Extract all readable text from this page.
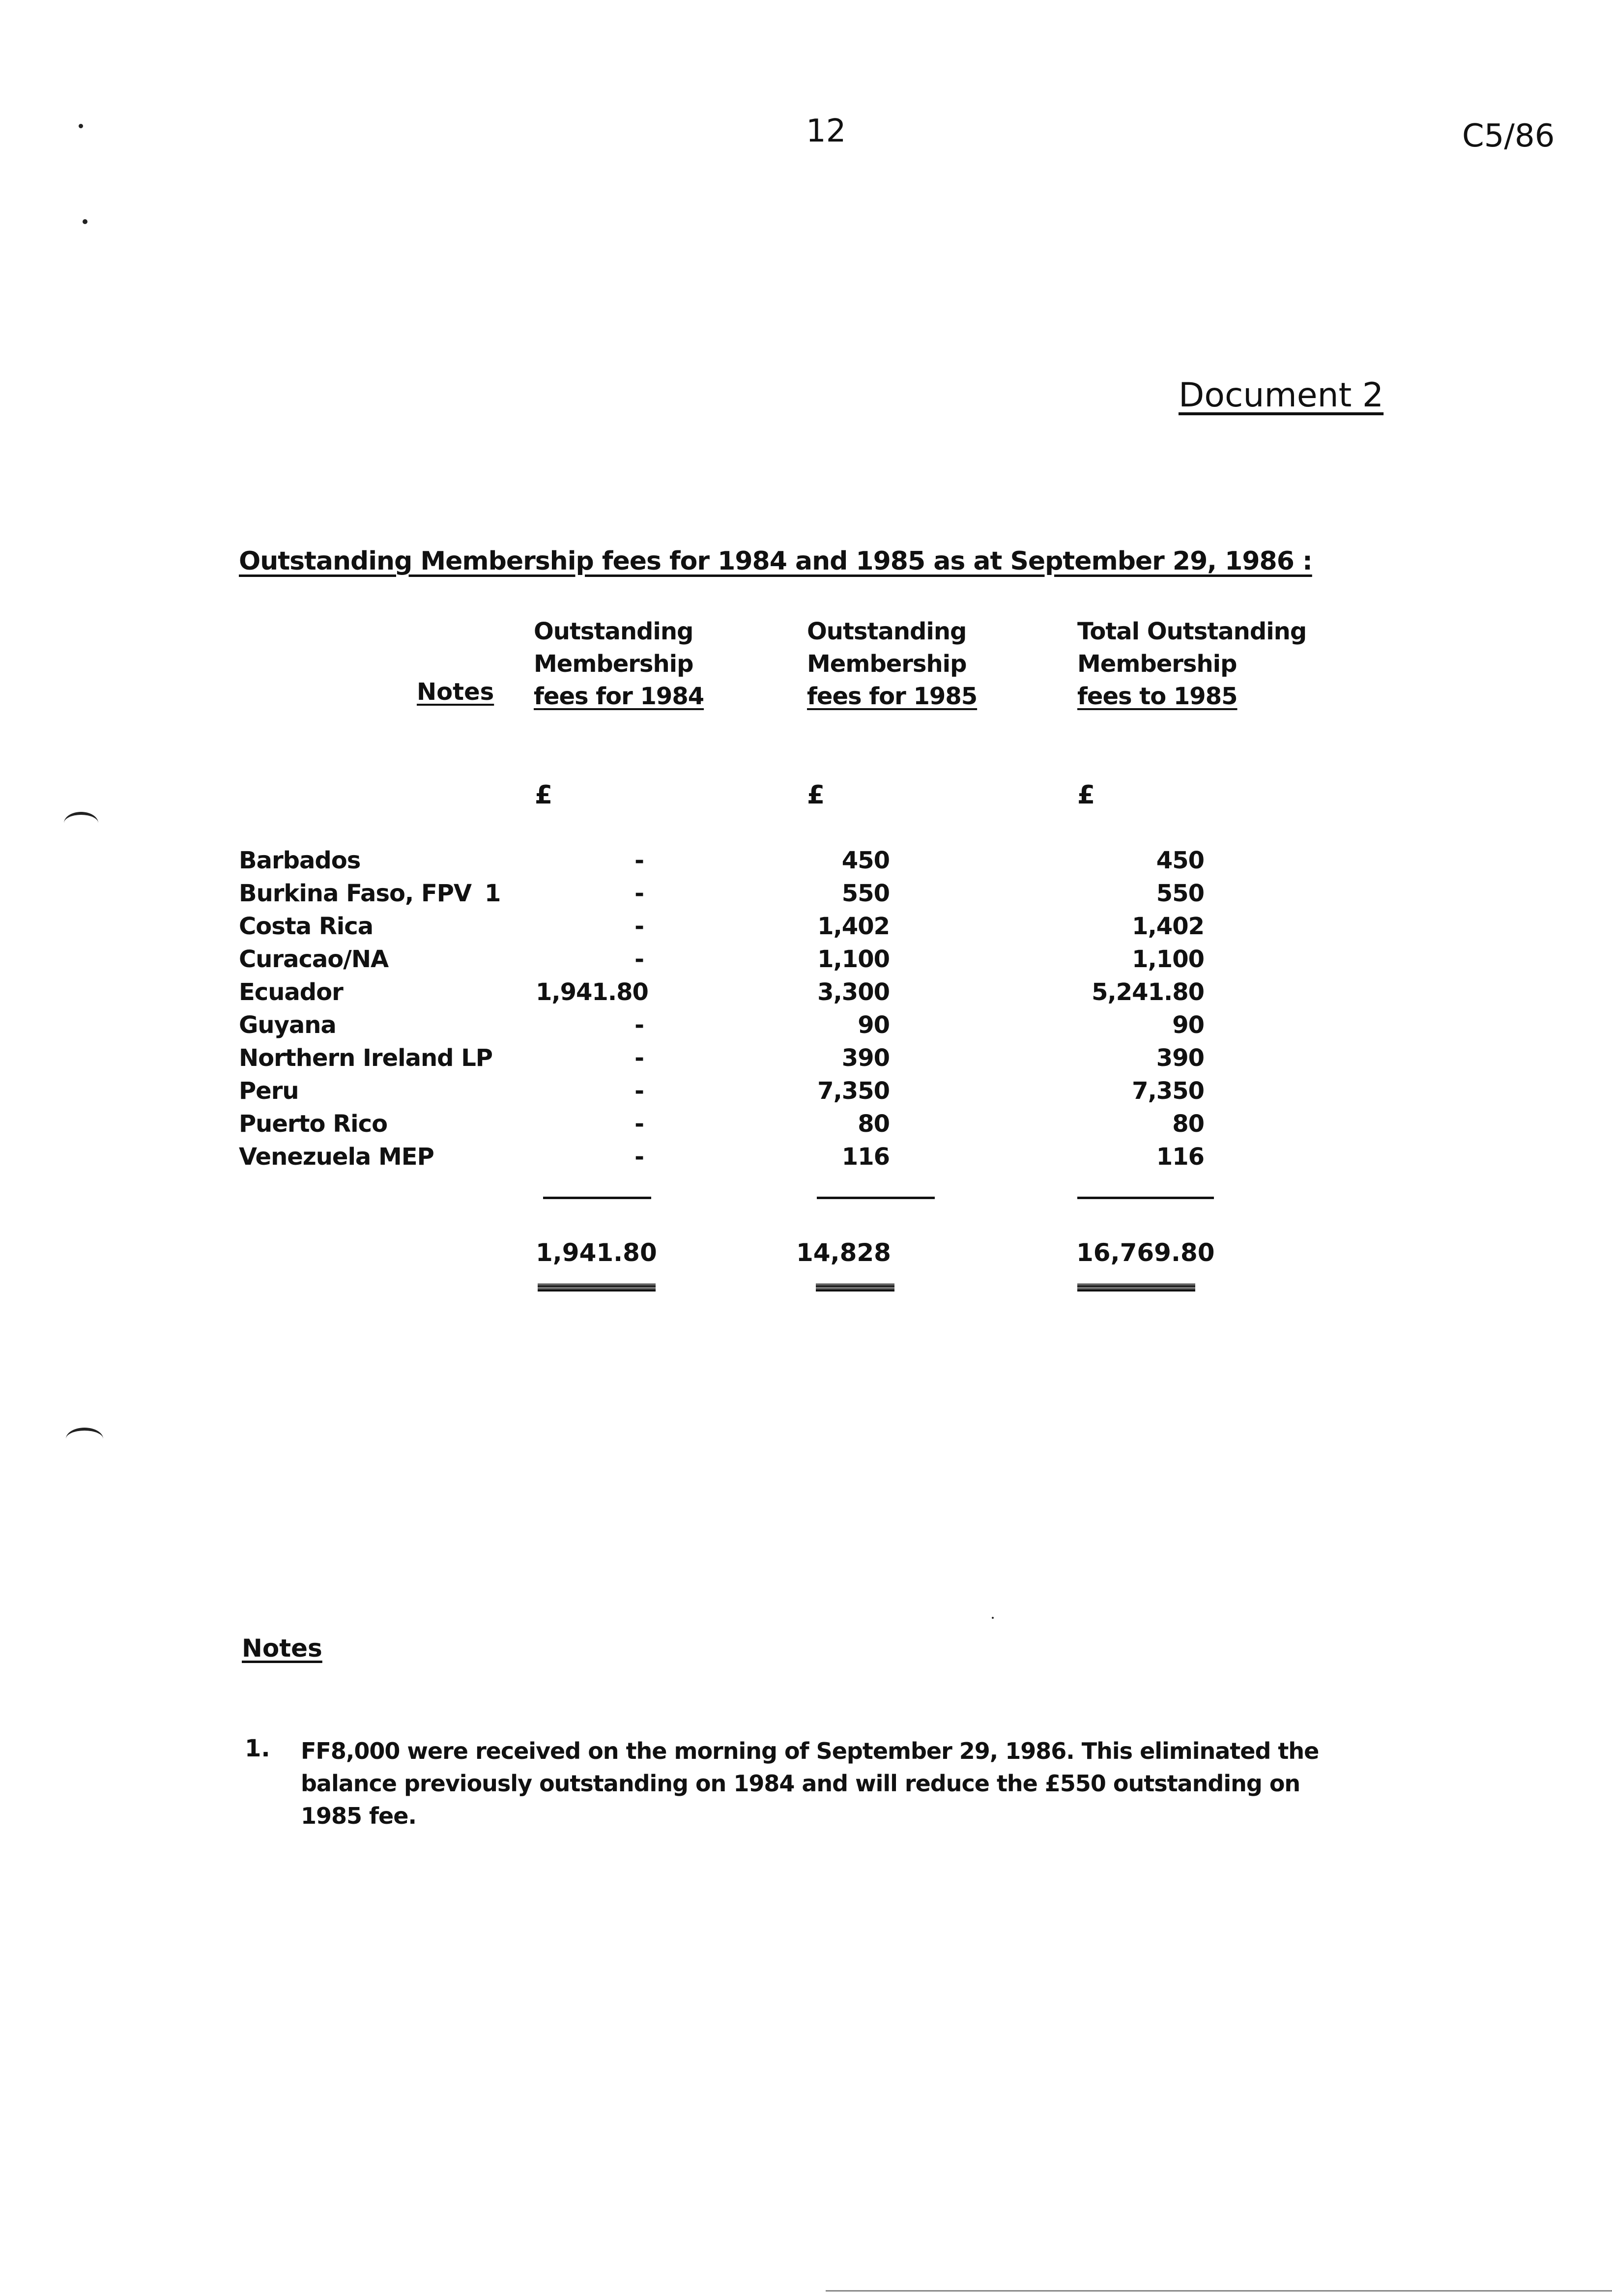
12	C5/86
Document 2
Outstanding Membership fees for 1984 and 1985 as at September 29, 1986 :
Notes
Outstanding
Membership
fees for 1984
Outstanding
Membership
fees for 1985
Total Outstanding
Membership
fees to 1985
£	£	£
Barbados	-	450	450
Burkina Faso, FPV 1	-	550	550
Costa Rica	-	1,402	1,402
Curacao/NA	-	1,100	1,100
Ecuador	1,941.80	3,300	5,241.80
Guyana	-	90	90
Northern Ireland LP	-	390	390
Peru	-	7,350	7,350
Puerto Rico	-	80	80
Venezuela MEP	-	116	116
1,941.80	14,828	16,769.80
Notes
1. FF8,000 were received on the morning of September 29, 1986. This eliminated the balance previously outstanding on 1984 and will reduce the £550 outstanding on 1985 fee.
